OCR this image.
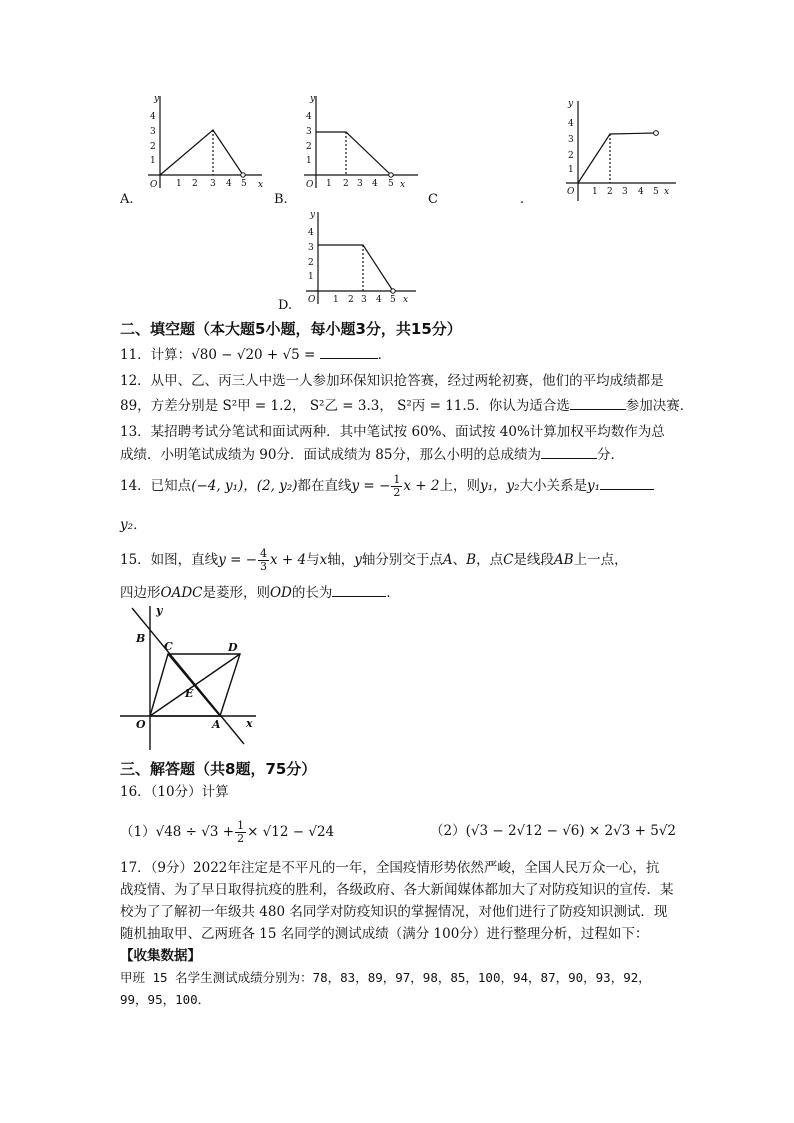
y
x
O 1 2 3 4 5
1
2
3
4
A.
y
x
O 1 2 3 4 5
1
2
3
4
B.	C	.
y
x
O 1 2 3 4 5
1
2
3
4
y
x
O 1 2 3 4 5
1
2
3
4
D.
二、填空题（本大题5小题，每小题3分，共15分）
11．计算：√80 − √20 + √5 =	．
12．从甲、乙、丙三人中选一人参加环保知识抢答赛，经过两轮初赛，他们的平均成绩都是
89，方差分别是 S²甲 = 1.2， S²乙 = 3.3， S²丙 = 11.5．你认为适合选	参加决赛．
13．某招聘考试分笔试和面试两种．其中笔试按 60%、面试按 40%计算加权平均数作为总
成绩．小明笔试成绩为 90分．面试成绩为 85分，那么小明的总成绩为	分．
14．已知点(−4, y₁)，(2, y₂)都在直线y = − $\frac{1}{2}$ x + 2上，则y₁，y₂大小关系是y₁
y₂．
15．如图，直线y = − $\frac{4}{3}$ x + 4与x轴，y轴分别交于点A、B，点C是线段AB上一点，
四边形OADC是菱形，则OD的长为	．
y
x
B
C	D
E
O	A
三、解答题（共8题，75分）
16．（10分）计算
$(1)√48 \div √3 + \frac{1}{2} \times √12 - √24$	（2）(√3 − 2√12 − √6) × 2√3 + 5√2
17．（9分）2022年注定是不平凡的一年，全国疫情形势依然严峻，全国人民万众一心，抗
战疫情、为了早日取得抗疫的胜利，各级政府、各大新闻媒体都加大了对防疫知识的宣传．某
校为了了解初一年级共 480 名同学对防疫知识的掌握情况，对他们进行了防疫知识测试．现
随机抽取甲、乙两班各 15 名同学的测试成绩（满分 100分）进行整理分析，过程如下：
【收集数据】
甲班 15 名学生测试成绩分别为：78，83，89，97，98，85，100，94，87，90，93，92，
99，95，100．
